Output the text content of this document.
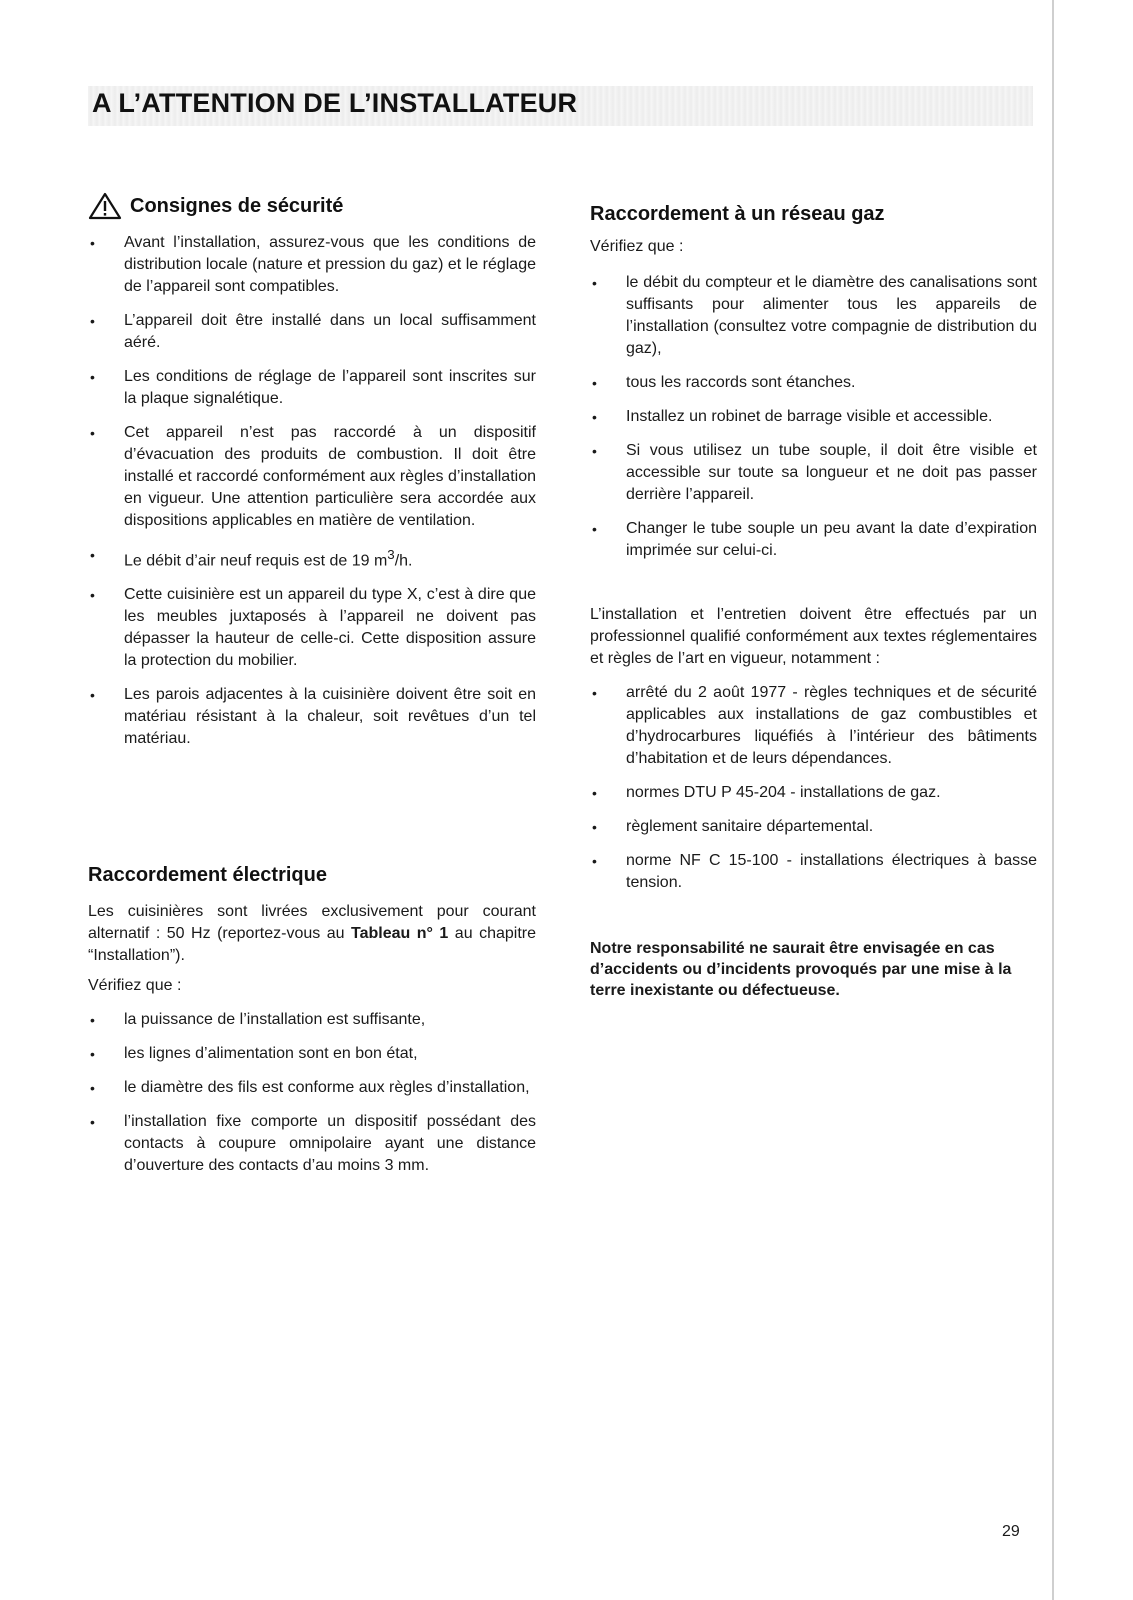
A L’ATTENTION DE L’INSTALLATEUR
Consignes de sécurité
• Avant l’installation, assurez-vous que les conditions de distribution locale (nature et pression du gaz) et le réglage de l’appareil sont compatibles.
• L’appareil doit être installé dans un local suffisamment aéré.
• Les conditions de réglage de l’appareil sont inscrites sur la plaque signalétique.
• Cet appareil n’est pas raccordé à un dispositif d’évacuation des produits de combustion. Il doit être installé et raccordé conformément aux règles d’installation en vigueur. Une attention particulière sera accordée aux dispositions applicables en matière de ventilation.
• Le débit d’air neuf requis est de 19 $m^3/h$.
• Cette cuisinière est un appareil du type X, c’est à dire que les meubles juxtaposés à l’appareil ne doivent pas dépasser la hauteur de celle-ci. Cette disposition assure la protection du mobilier.
• Les parois adjacentes à la cuisinière doivent être soit en matériau résistant à la chaleur, soit revêtues d’un tel matériau.
Raccordement électrique

Les cuisinières sont livrées exclusivement pour courant alternatif : 50 Hz (reportez-vous au Tableau n° 1 au chapitre “Installation”).

Vérifiez que :

• la puissance de l’installation est suffisante,
• les lignes d’alimentation sont en bon état,
• le diamètre des fils est conforme aux règles d’installation,
• l’installation fixe comporte un dispositif possédant des contacts à coupure omnipolaire ayant une distance d’ouverture des contacts d’au moins 3 mm.
Raccordement à un réseau gaz

Vérifiez que :

• le débit du compteur et le diamètre des canalisations sont suffisants pour alimenter tous les appareils de l’installation (consultez votre compagnie de distribution du gaz),
• tous les raccords sont étanches.
• Installez un robinet de barrage visible et accessible.
• Si vous utilisez un tube souple, il doit être visible et accessible sur toute sa longueur et ne doit pas passer derrière l’appareil.
• Changer le tube souple un peu avant la date d’expiration imprimée sur celui-ci.

L’installation et l’entretien doivent être effectués par un professionnel qualifié conformément aux textes réglementaires et règles de l’art en vigueur, notamment :

• arrêté du 2 août 1977 - règles techniques et de sécurité applicables aux installations de gaz combustibles et d’hydrocarbures liquéfiés à l’intérieur des bâtiments d’habitation et de leurs dépendances.
• normes DTU P 45-204 - installations de gaz.
• règlement sanitaire départemental.
• norme NF C 15-100 - installations électriques à basse tension.

Notre responsabilité ne saurait être envisagée en cas d’accidents ou d’incidents provoqués par une mise à la terre inexistante ou défectueuse.

29
